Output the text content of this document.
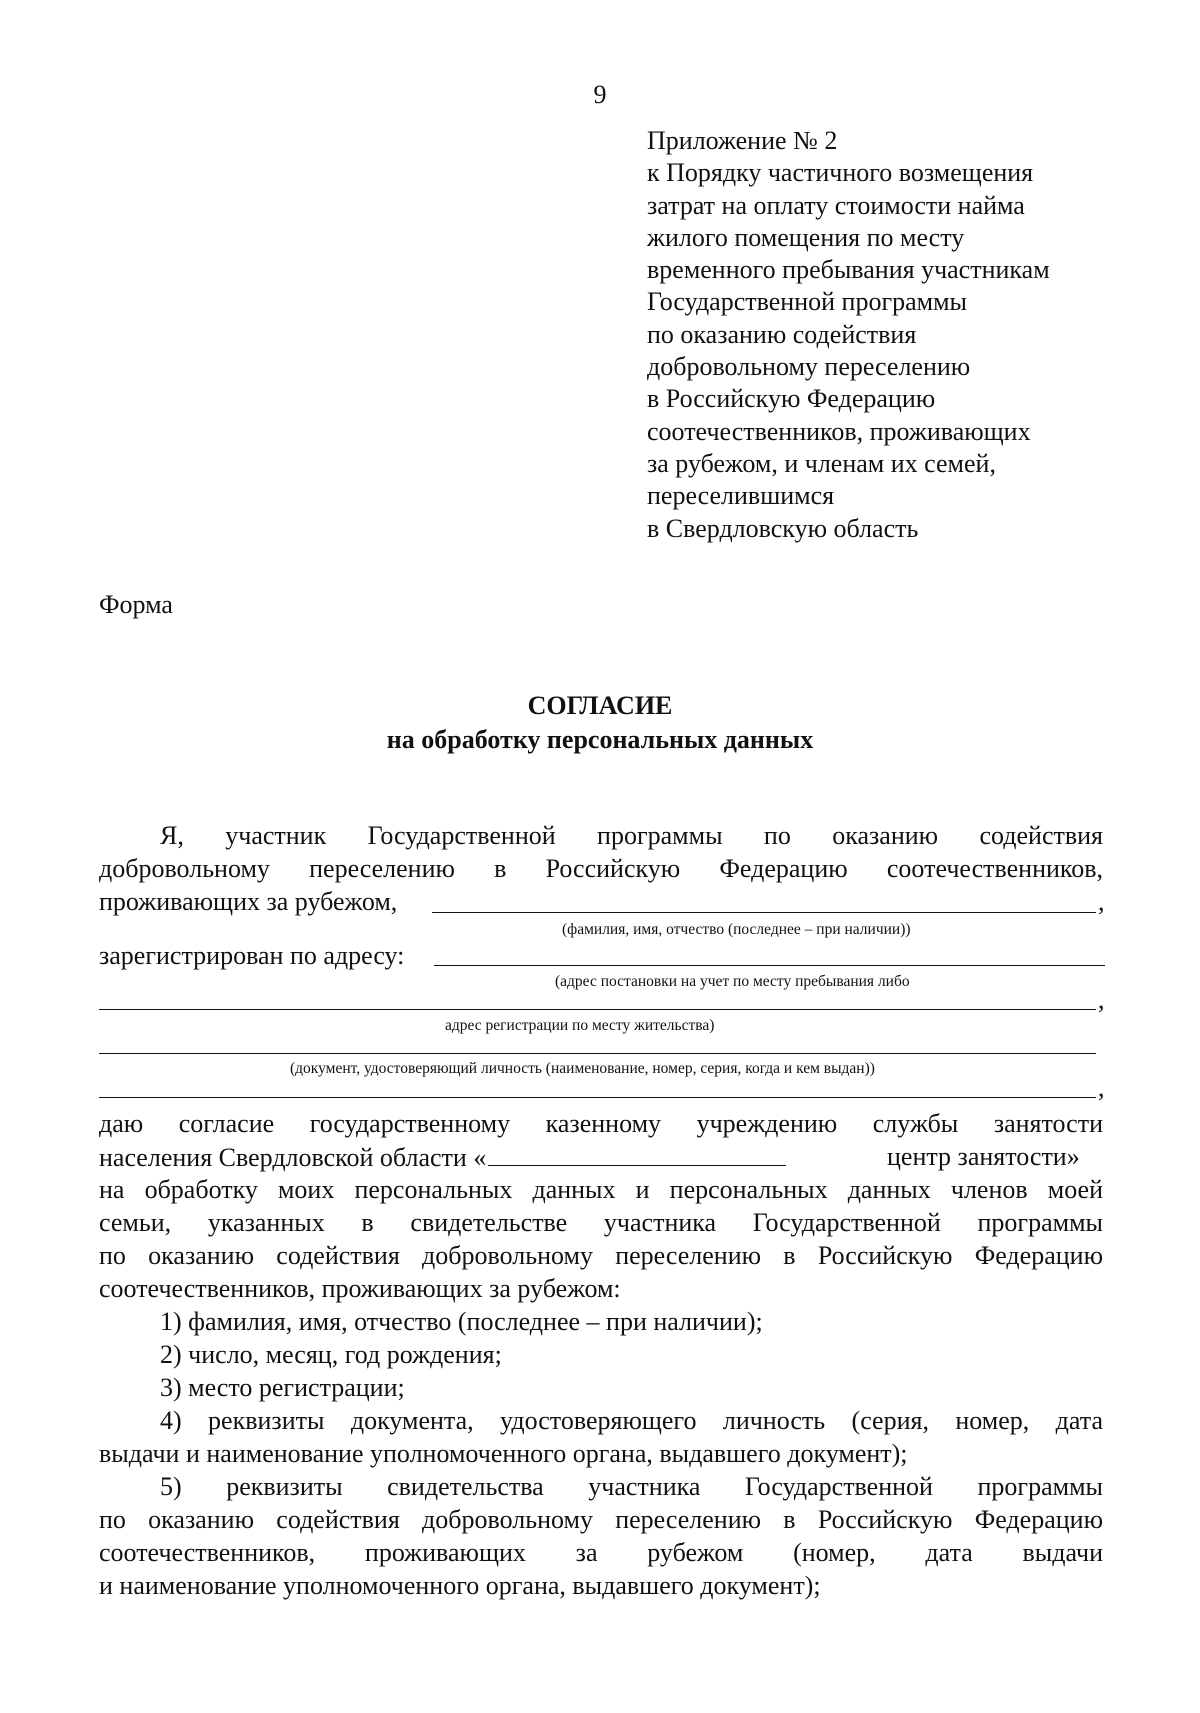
9
Приложение № 2
к Порядку частичного возмещения
затрат на оплату стоимости найма
жилого помещения по месту
временного пребывания участникам
Государственной программы
по оказанию содействия
добровольному переселению
в Российскую Федерацию
соотечественников, проживающих
за рубежом, и членам их семей,
переселившимся
в Свердловскую область
Форма
СОГЛАСИЕ
на обработку персональных данных
Я, участник Государственной программы по оказанию содействия
добровольному переселению в Российскую Федерацию соотечественников,
проживающих за рубежом,	,
(фамилия, имя, отчество (последнее – при наличии))
зарегистрирован по адресу:
(адрес постановки на учет по месту пребывания либо
,
адрес регистрации по месту жительства)
(документ, удостоверяющий личность (наименование, номер, серия, когда и кем выдан))
,
даю согласие государственному казенному учреждению службы занятости
населения Свердловской области «	центр занятости»
на обработку моих персональных данных и персональных данных членов моей
семьи, указанных в свидетельстве участника Государственной программы
по оказанию содействия добровольному переселению в Российскую Федерацию
соотечественников, проживающих за рубежом:
1) фамилия, имя, отчество (последнее – при наличии);
2) число, месяц, год рождения;
3) место регистрации;
4) реквизиты документа, удостоверяющего личность (серия, номер, дата
выдачи и наименование уполномоченного органа, выдавшего документ);
5) реквизиты свидетельства участника Государственной программы
по оказанию содействия добровольному переселению в Российскую Федерацию
соотечественников, проживающих за рубежом (номер, дата выдачи
и наименование уполномоченного органа, выдавшего документ);
